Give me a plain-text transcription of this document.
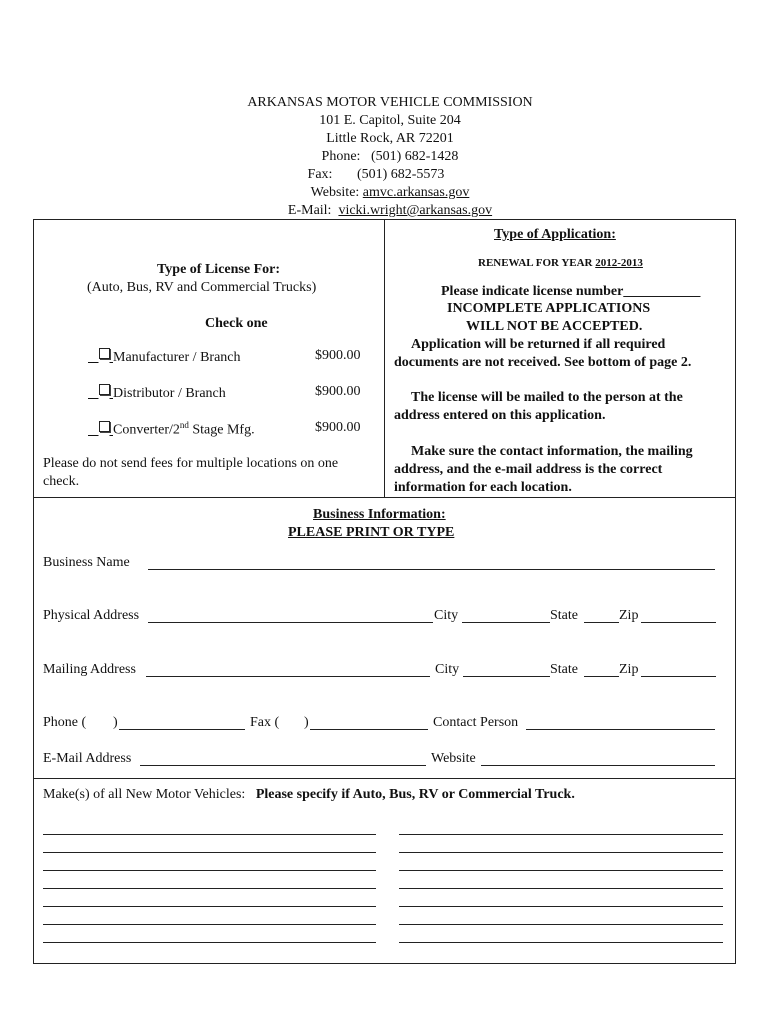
ARKANSAS MOTOR VEHICLE COMMISSION
101 E. Capitol, Suite 204
Little Rock, AR 72201
Phone: (501) 682-1428
Fax: (501) 682-5573
Website: amvc.arkansas.gov
E-Mail: vicki.wright@arkansas.gov
Type of License For:
(Auto, Bus, RV and Commercial Trucks)
Check one
Manufacturer / Branch	$900.00
Distributor / Branch	$900.00
Converter/2nd Stage Mfg.	$900.00
Please do not send fees for multiple locations on one
check.
Type of Application:
RENEWAL FOR YEAR 2012-2013
Please indicate license number___________
INCOMPLETE APPLICATIONS
WILL NOT BE ACCEPTED.
Application will be returned if all required
documents are not received. See bottom of page 2.
The license will be mailed to the person at the
address entered on this application.
Make sure the contact information, the mailing
address, and the e-mail address is the correct
information for each location.
Business Information:
PLEASE PRINT OR TYPE
Business Name
Physical Address	City	State	Zip
Mailing Address	City	State	Zip
Phone ( )	Fax ( )	Contact Person
E-Mail Address	Website
Make(s) of all New Motor Vehicles: Please specify if Auto, Bus, RV or Commercial Truck.
